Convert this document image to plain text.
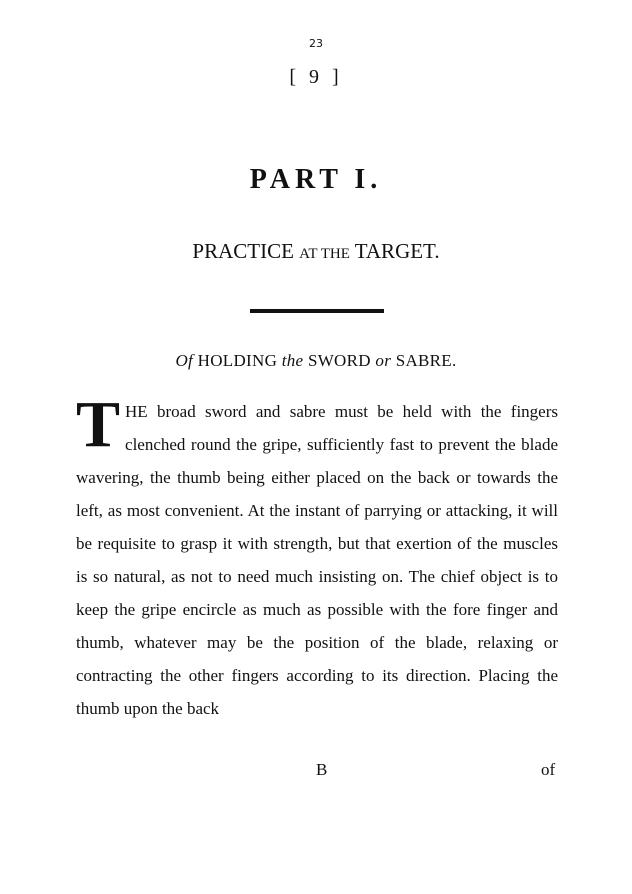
23
[ 9 ]
PART I.
PRACTICE AT THE TARGET.
Of HOLDING the SWORD or SABRE.
THE broad sword and sabre must be held with the fingers clenched round the gripe, sufficiently fast to prevent the blade wavering, the thumb being either placed on the back or towards the left, as most convenient. At the instant of parrying or attacking, it will be requisite to grasp it with strength, but that exertion of the muscles is so natural, as not to need much insisting on. The chief object is to keep the gripe encircle as much as possible with the fore finger and thumb, whatever may be the position of the blade, relaxing or contracting the other fingers according to its direction. Placing the thumb upon the back
B	of
